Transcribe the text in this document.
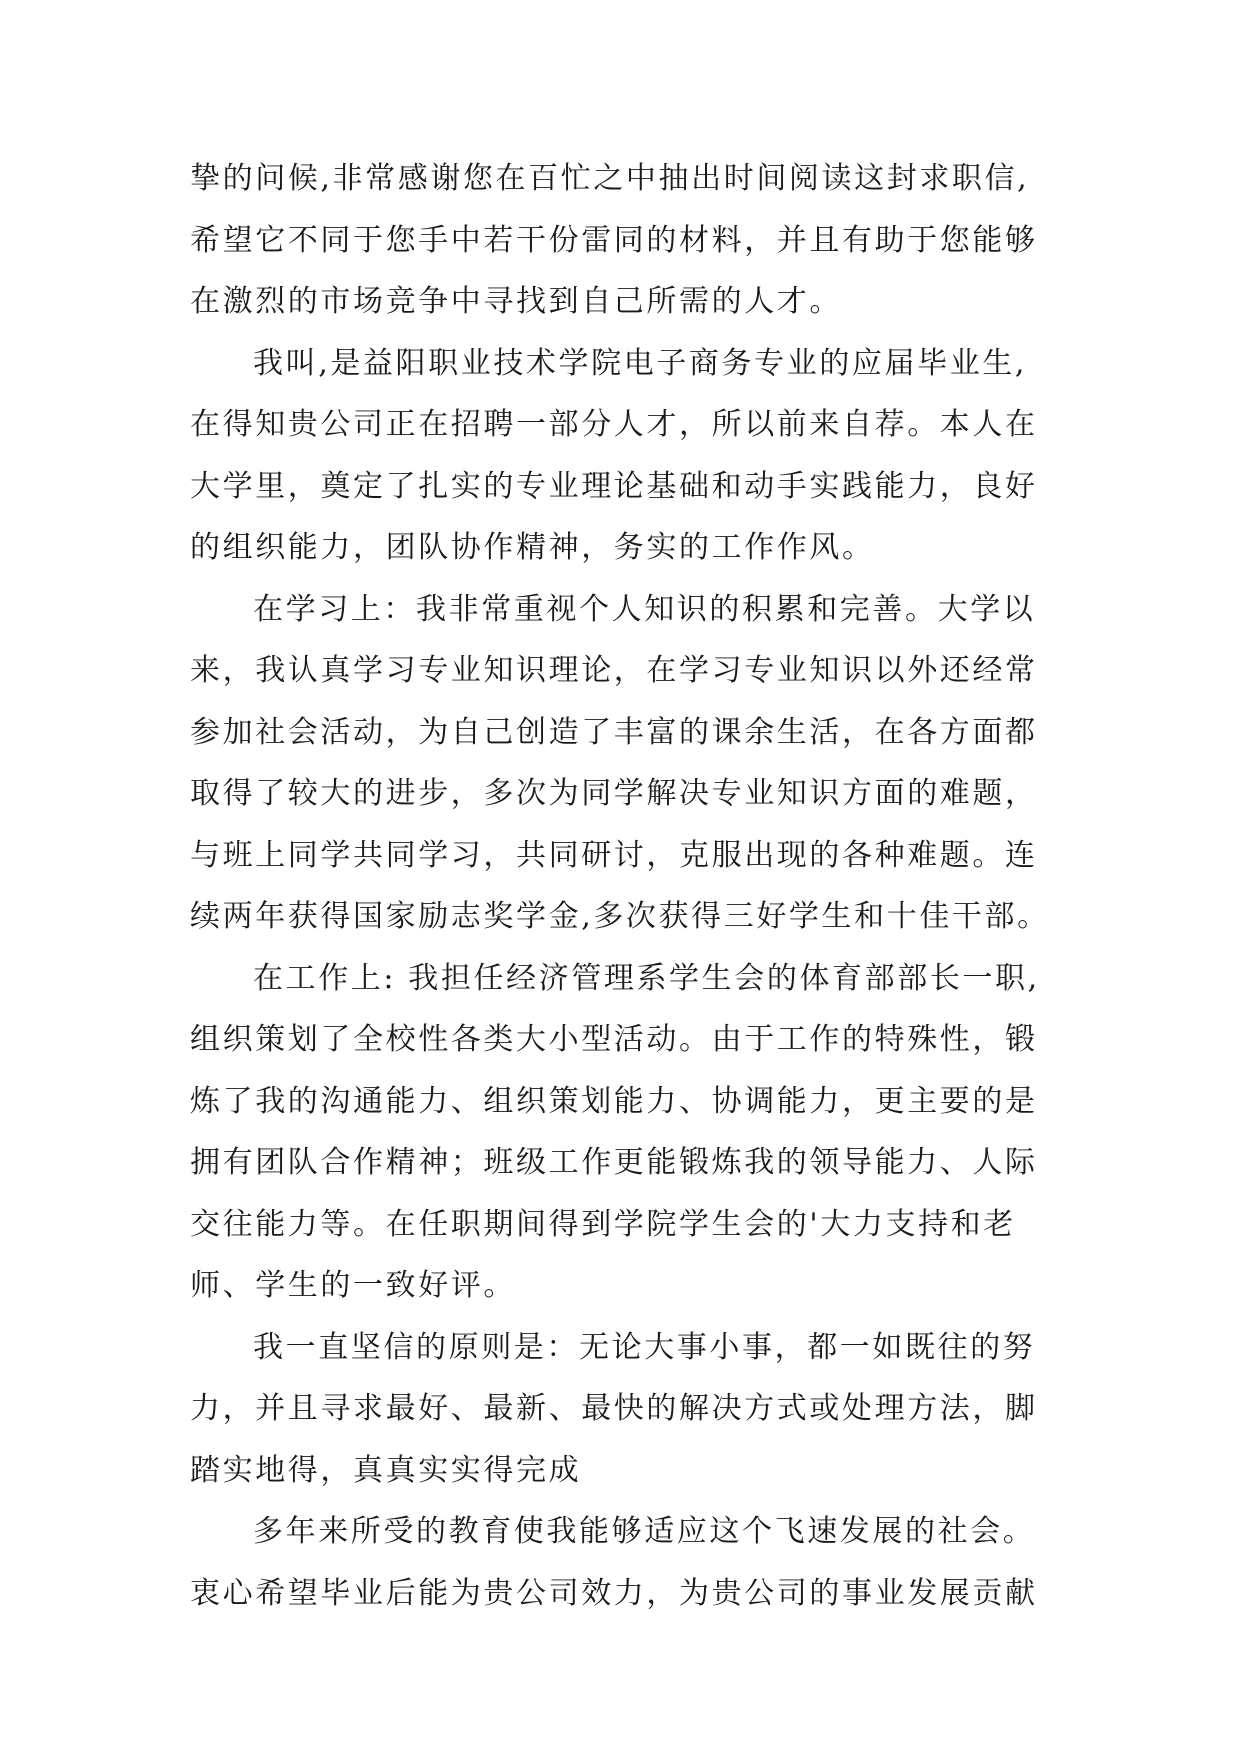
挚的问候,非常感谢您在百忙之中抽出时间阅读这封求职信,
希望它不同于您手中若干份雷同的材料，并且有助于您能够
在激烈的市场竞争中寻找到自己所需的人才。
我叫,是益阳职业技术学院电子商务专业的应届毕业生,
在得知贵公司正在招聘一部分人才，所以前来自荐。本人在
大学里，奠定了扎实的专业理论基础和动手实践能力，良好
的组织能力，团队协作精神，务实的工作作风。
在学习上：我非常重视个人知识的积累和完善。大学以
来，我认真学习专业知识理论，在学习专业知识以外还经常
参加社会活动，为自己创造了丰富的课余生活，在各方面都
取得了较大的进步，多次为同学解决专业知识方面的难题，
与班上同学共同学习，共同研讨，克服出现的各种难题。连
续两年获得国家励志奖学金,多次获得三好学生和十佳干部。
在工作上: 我担任经济管理系学生会的体育部部长一职,
组织策划了全校性各类大小型活动。由于工作的特殊性，锻
炼了我的沟通能力、组织策划能力、协调能力，更主要的是
拥有团队合作精神；班级工作更能锻炼我的领导能力、人际
交往能力等。在任职期间得到学院学生会的'大力支持和老
师、学生的一致好评。
我一直坚信的原则是：无论大事小事，都一如既往的努
力，并且寻求最好、最新、最快的解决方式或处理方法，脚
踏实地得，真真实实得完成
多年来所受的教育使我能够适应这个飞速发展的社会。
衷心希望毕业后能为贵公司效力，为贵公司的事业发展贡献
